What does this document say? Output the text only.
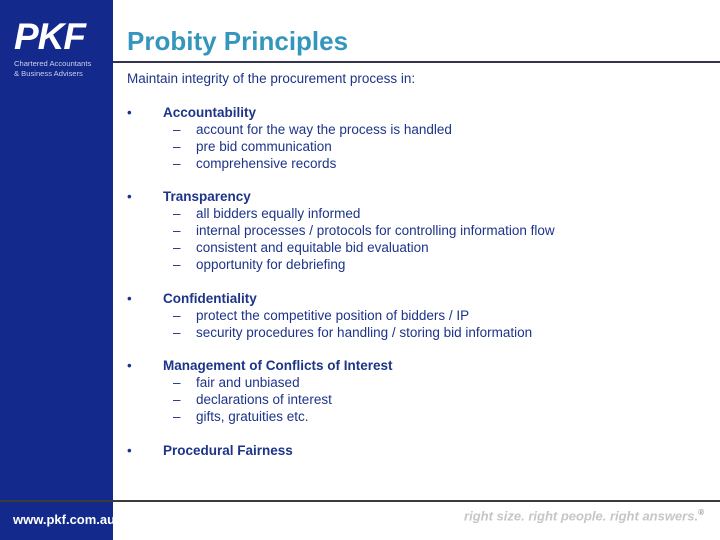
PKF
Chartered Accountants
& Business Advisers
www.pkf.com.au
Probity Principles
Maintain integrity of the procurement process in:
•	Accountability
–	account for the way the process is handled
–	pre bid communication
–	comprehensive records
•	Transparency
–	all bidders equally informed
–	internal processes / protocols for controlling information flow
–	consistent and equitable bid evaluation
–	opportunity for debriefing
•	Confidentiality
–	protect the competitive position of bidders / IP
–	security procedures for handling / storing bid information
•	Management of Conflicts of Interest
–	fair and unbiased
–	declarations of interest
–	gifts, gratuities etc.
•	Procedural Fairness
right size. right people. right answers.®
